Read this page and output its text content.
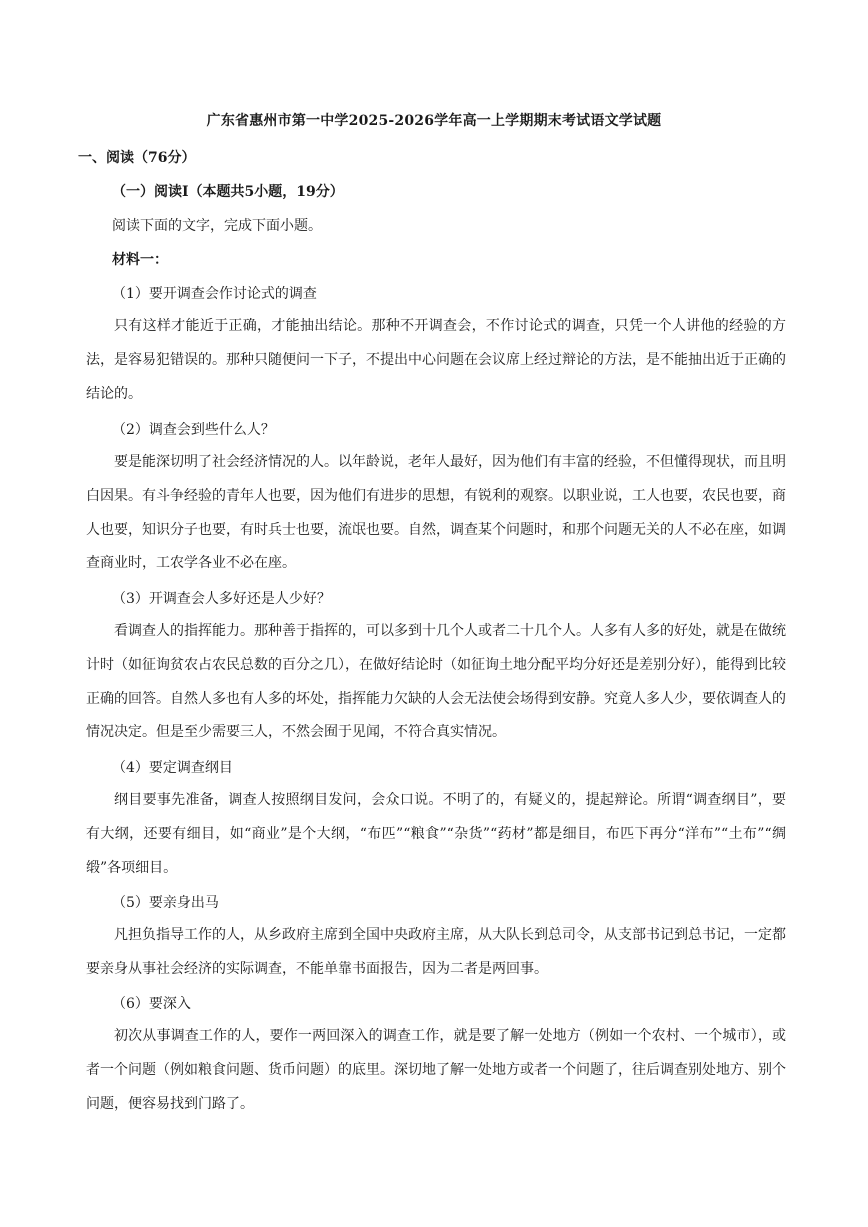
广东省惠州市第一中学2025-2026学年高一上学期期末考试语文学试题
一、阅读（76分）
（一）阅读Ⅰ（本题共5小题，19分）
阅读下面的文字，完成下面小题。
材料一：
（1）要开调查会作讨论式的调查

只有这样才能近于正确，才能抽出结论。那种不开调查会，不作讨论式的调查，只凭一个人讲他的经验的方法，是容易犯错误的。那种只随便问一下子，不提出中心问题在会议席上经过辩论的方法，是不能抽出近于正确的结论的。

（2）调查会到些什么人？

要是能深切明了社会经济情况的人。以年龄说，老年人最好，因为他们有丰富的经验，不但懂得现状，而且明白因果。有斗争经验的青年人也要，因为他们有进步的思想，有锐利的观察。以职业说，工人也要，农民也要，商人也要，知识分子也要，有时兵士也要，流氓也要。自然，调查某个问题时，和那个问题无关的人不必在座，如调查商业时，工农学各业不必在座。

（3）开调查会人多好还是人少好？

看调查人的指挥能力。那种善于指挥的，可以多到十几个人或者二十几个人。人多有人多的好处，就是在做统计时（如征询贫农占农民总数的百分之几），在做好结论时（如征询土地分配平均分好还是差别分好），能得到比较正确的回答。自然人多也有人多的坏处，指挥能力欠缺的人会无法使会场得到安静。究竟人多人少，要依调查人的情况决定。但是至少需要三人，不然会囿于见闻，不符合真实情况。

（4）要定调查纲目

纲目要事先准备，调查人按照纲目发问，会众口说。不明了的，有疑义的，提起辩论。所谓“调查纲目”，要有大纲，还要有细目，如“商业”是个大纲，“布匹”“粮食”“杂货”“药材”都是细目，布匹下再分“洋布”“土布”“绸缎”各项细目。

（5）要亲身出马

凡担负指导工作的人，从乡政府主席到全国中央政府主席，从大队长到总司令，从支部书记到总书记，一定都要亲身从事社会经济的实际调查，不能单靠书面报告，因为二者是两回事。

（6）要深入

初次从事调查工作的人，要作一两回深入的调查工作，就是要了解一处地方（例如一个农村、一个城市），或者一个问题（例如粮食问题、货币问题）的底里。深切地了解一处地方或者一个问题了，往后调查别处地方、别个问题，便容易找到门路了。
